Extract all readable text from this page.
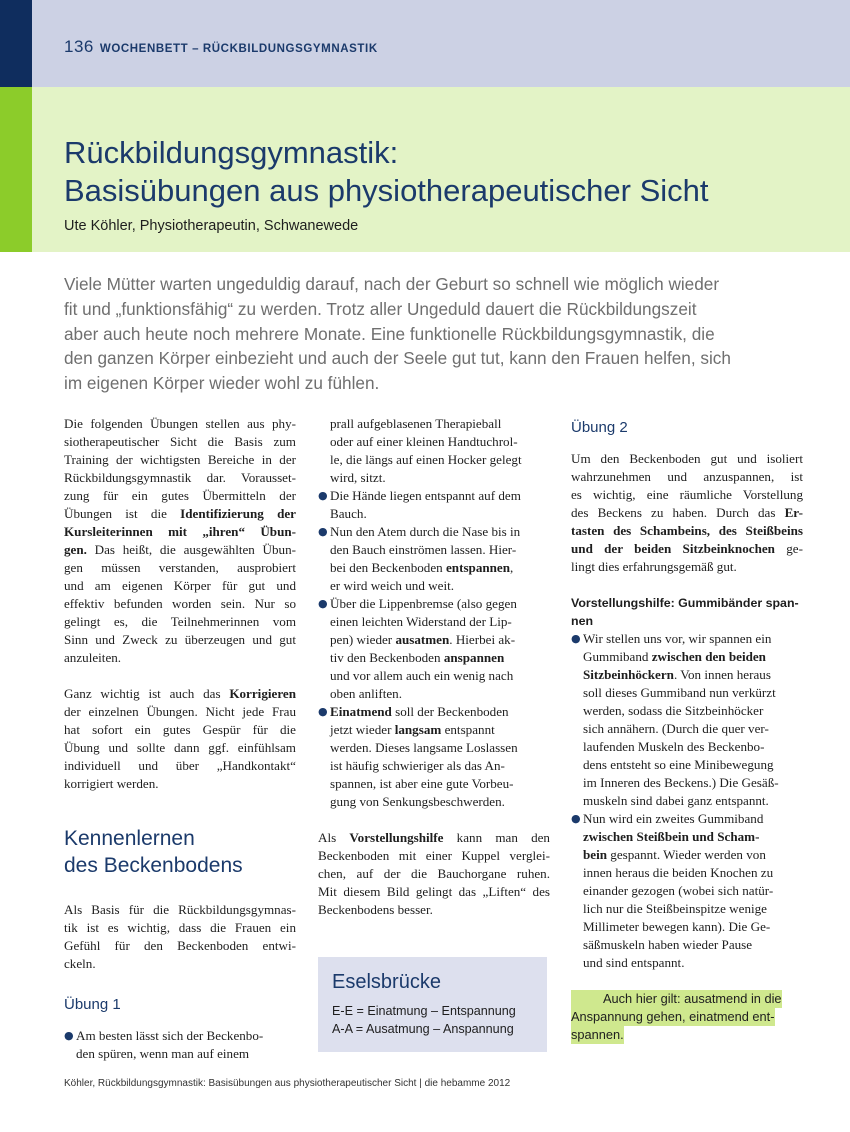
136 WOCHENBETT – RÜCKBILDUNGSGYMNASTIK
Rückbildungsgymnastik:
Basisübungen aus physiotherapeutischer Sicht
Ute Köhler, Physiotherapeutin, Schwanewede
Viele Mütter warten ungeduldig darauf, nach der Geburt so schnell wie möglich wieder
fit und „funktionsfähig“ zu werden. Trotz aller Ungeduld dauert die Rückbildungszeit
aber auch heute noch mehrere Monate. Eine funktionelle Rückbildungsgymnastik, die
den ganzen Körper einbezieht und auch der Seele gut tut, kann den Frauen helfen, sich
im eigenen Körper wieder wohl zu fühlen.

Die folgenden Übungen stellen aus phy-
siotherapeutischer Sicht die Basis zum
Training der wichtigsten Bereiche in der
Rückbildungsgymnastik dar. Vorausset-
zung für ein gutes Übermitteln der
Übungen ist die Identifizierung der
Kursleiterinnen mit „ihren“ Übun-
gen. Das heißt, die ausgewählten Übun-
gen müssen verstanden, ausprobiert
und am eigenen Körper für gut und
effektiv befunden worden sein. Nur so
gelingt es, die Teilnehmerinnen vom
Sinn und Zweck zu überzeugen und gut
anzuleiten.

Ganz wichtig ist auch das Korrigieren
der einzelnen Übungen. Nicht jede Frau
hat sofort ein gutes Gespür für die
Übung und sollte dann ggf. einfühlsam
individuell und über „Handkontakt“
korrigiert werden.

Kennenlernen
des Beckenbodens

Als Basis für die Rückbildungsgymnas-
tik ist es wichtig, dass die Frauen ein
Gefühl für den Beckenboden entwi-
ckeln.

Übung 1
● Am besten lässt sich der Beckenbo-
den spüren, wenn man auf einem
prall aufgeblasenen Therapieball
oder auf einer kleinen Handtuchrol-
le, die längs auf einen Hocker gelegt
wird, sitzt.
● Die Hände liegen entspannt auf dem
Bauch.
● Nun den Atem durch die Nase bis in
den Bauch einströmen lassen. Hier-
bei den Beckenboden entspannen,
er wird weich und weit.
● Über die Lippenbremse (also gegen
einen leichten Widerstand der Lip-
pen) wieder ausatmen. Hierbei ak-
tiv den Beckenboden anspannen
und vor allem auch ein wenig nach
oben anliften.
● Einatmend soll der Beckenboden
jetzt wieder langsam entspannt
werden. Dieses langsame Loslassen
ist häufig schwieriger als das An-
spannen, ist aber eine gute Vorbeu-
gung von Senkungsbeschwerden.

Als Vorstellungshilfe kann man den
Beckenboden mit einer Kuppel verglei-
chen, auf der die Bauchorgane ruhen.
Mit diesem Bild gelingt das „Liften“ des
Beckenbodens besser.

Eselsbrücke
E-E = Einatmung – Entspannung
A-A = Ausatmung – Anspannung
Übung 2

Um den Beckenboden gut und isoliert
wahrzunehmen und anzuspannen, ist
es wichtig, eine räumliche Vorstellung
des Beckens zu haben. Durch das Er-
tasten des Schambeins, des Steißbeins
und der beiden Sitzbeinknochen ge-
lingt dies erfahrungsgemäß gut.

Vorstellungshilfe: Gummibänder span-
nen
● Wir stellen uns vor, wir spannen ein
Gummiband zwischen den beiden
Sitzbeinhöckern. Von innen heraus
soll dieses Gummiband nun verkürzt
werden, sodass die Sitzbeinhöcker
sich annähern. (Durch die quer ver-
laufenden Muskeln des Beckenbo-
dens entsteht so eine Minibewegung
im Inneren des Beckens.) Die Gesäß-
muskeln sind dabei ganz entspannt.
● Nun wird ein zweites Gummiband
zwischen Steißbein und Scham-
bein gespannt. Wieder werden von
innen heraus die beiden Knochen zu
einander gezogen (wobei sich natür-
lich nur die Steißbeinspitze wenige
Millimeter bewegen kann). Die Ge-
säßmuskeln haben wieder Pause
und sind entspannt.
Auch hier gilt: ausatmend in die
Anspannung gehen, einatmend ent-
spannen.
Köhler, Rückbildungsgymnastik: Basisübungen aus physiotherapeutischer Sicht | die hebamme 2012
